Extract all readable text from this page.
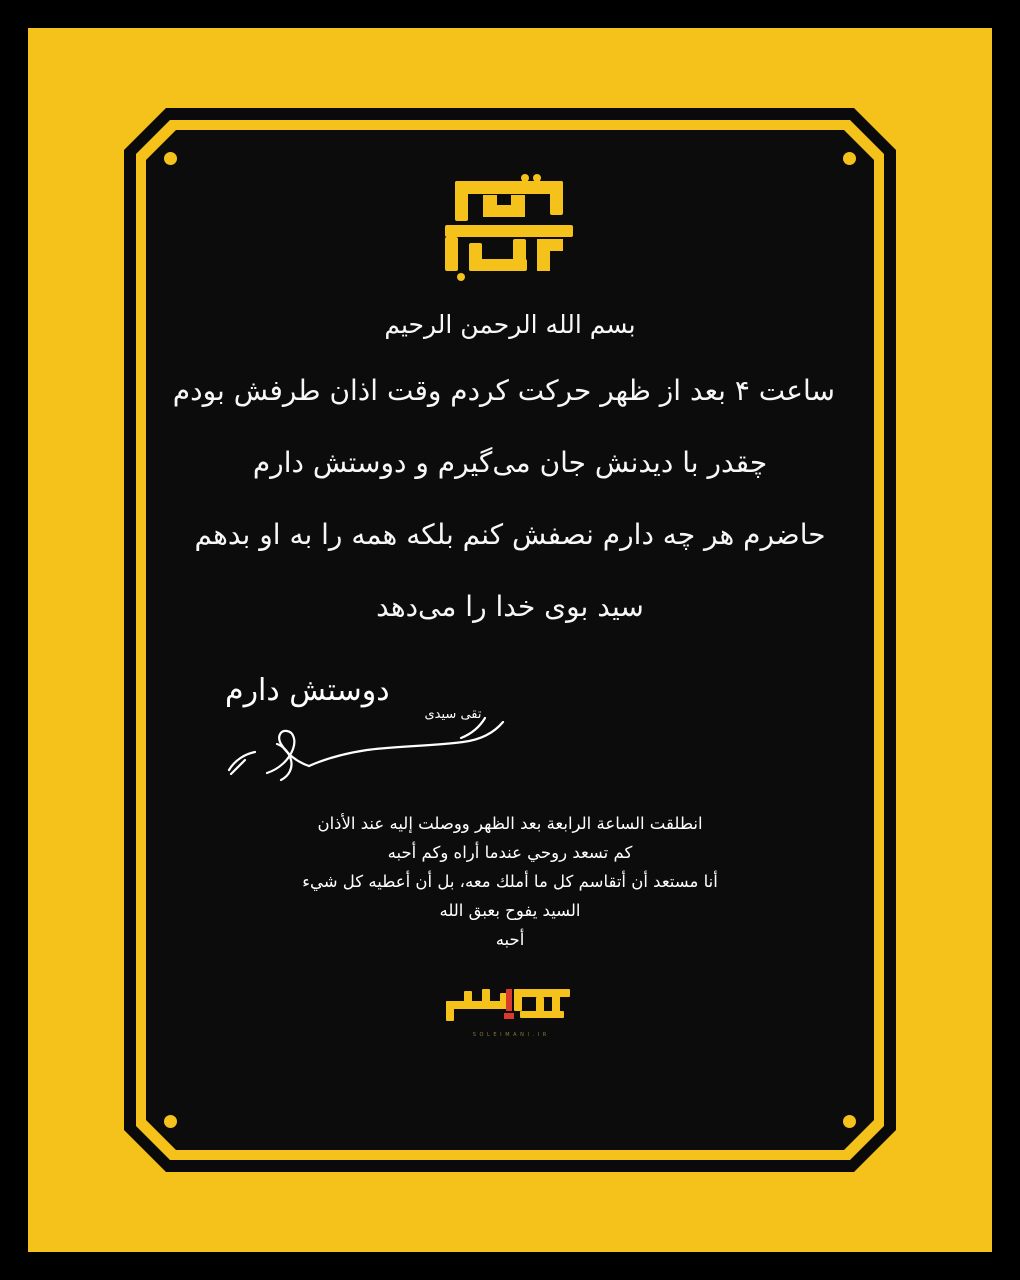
بسم الله الرحمن الرحیم
ساعت ۴ بعد از ظهر حرکت کردم وقت اذان طرفش بودم
چقدر با دیدنش جان می‌گیرم و دوستش دارم
حاضرم هر چه دارم نصفش کنم بلکه همه را به او بدهم
سید بوی خدا را می‌دهد
دوستش دارم
تقی سیدی
انطلقت الساعة الرابعة بعد الظهر ووصلت إليه عند الأذان
كم تسعد روحي عندما أراه وكم أحبه
أنا مستعد أن أتقاسم كل ما أملك معه، بل أن أعطيه كل شيء
السيد يفوح بعبق الله
أحبه
S O L E I M A N I . I R
